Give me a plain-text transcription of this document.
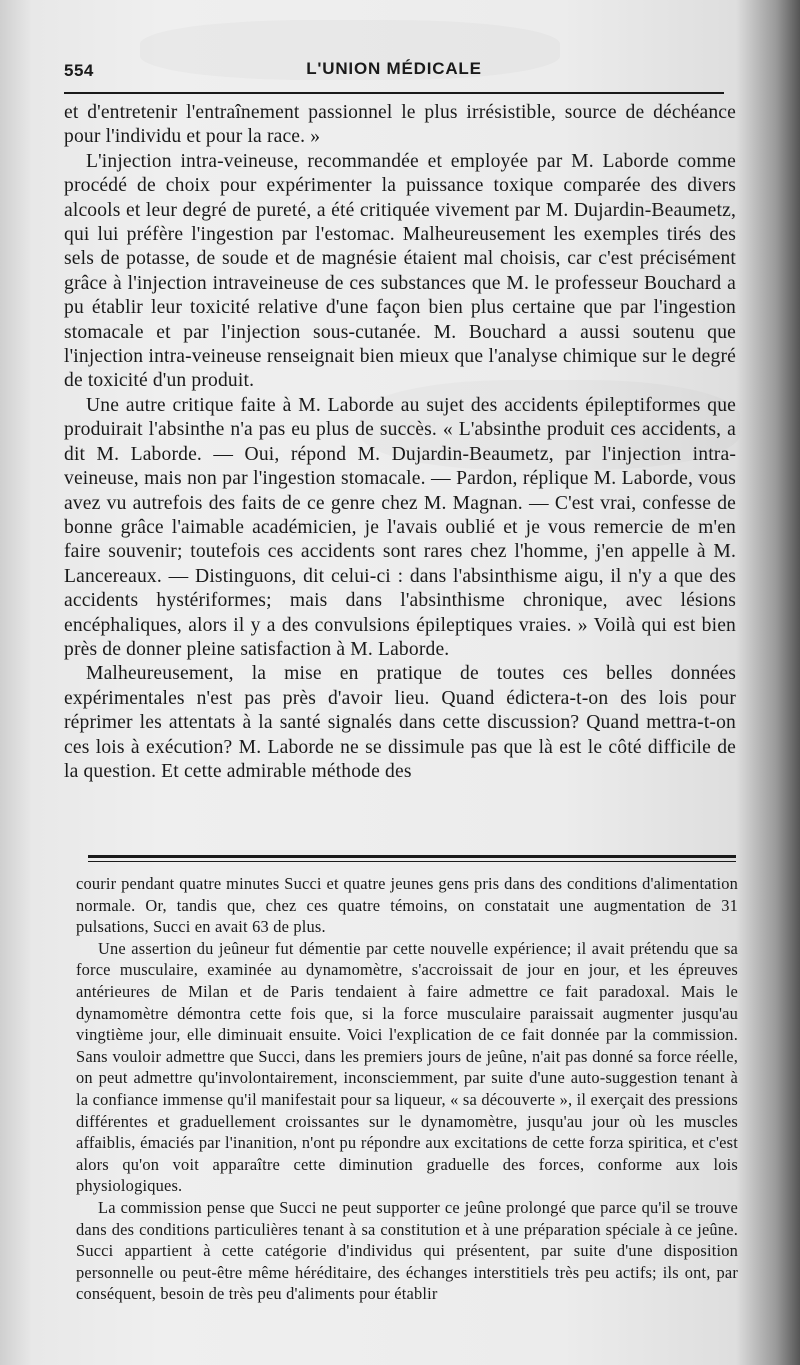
554	L'UNION MÉDICALE

et d'entretenir l'entraînement passionnel le plus irrésistible, source de déchéance pour l'individu et pour la race. »

L'injection intra-veineuse, recommandée et employée par M. Laborde comme procédé de choix pour expérimenter la puissance toxique comparée des divers alcools et leur degré de pureté, a été critiquée vivement par M. Dujardin-Beaumetz, qui lui préfère l'ingestion par l'estomac. Malheureusement les exemples tirés des sels de potasse, de soude et de magnésie étaient mal choisis, car c'est précisément grâce à l'injection intraveineuse de ces substances que M. le professeur Bouchard a pu établir leur toxicité relative d'une façon bien plus certaine que par l'ingestion stomacale et par l'injection sous-cutanée. M. Bouchard a aussi soutenu que l'injection intra-veineuse renseignait bien mieux que l'analyse chimique sur le degré de toxicité d'un produit.

Une autre critique faite à M. Laborde au sujet des accidents épileptiformes que produirait l'absinthe n'a pas eu plus de succès. « L'absinthe produit ces accidents, a dit M. Laborde. — Oui, répond M. Dujardin-Beaumetz, par l'injection intra-veineuse, mais non par l'ingestion stomacale. — Pardon, réplique M. Laborde, vous avez vu autrefois des faits de ce genre chez M. Magnan. — C'est vrai, confesse de bonne grâce l'aimable académicien, je l'avais oublié et je vous remercie de m'en faire souvenir; toutefois ces accidents sont rares chez l'homme, j'en appelle à M. Lancereaux. — Distinguons, dit celui-ci : dans l'absinthisme aigu, il n'y a que des accidents hystériformes; mais dans l'absinthisme chronique, avec lésions encéphaliques, alors il y a des convulsions épileptiques vraies. » Voilà qui est bien près de donner pleine satisfaction à M. Laborde.

Malheureusement, la mise en pratique de toutes ces belles données expérimentales n'est pas près d'avoir lieu. Quand édictera-t-on des lois pour réprimer les attentats à la santé signalés dans cette discussion? Quand mettra-t-on ces lois à exécution? M. Laborde ne se dissimule pas que là est le côté difficile de la question. Et cette admirable méthode des

courir pendant quatre minutes Succi et quatre jeunes gens pris dans des conditions d'alimentation normale. Or, tandis que, chez ces quatre témoins, on constatait une augmentation de 31 pulsations, Succi en avait 63 de plus.

Une assertion du jeûneur fut démentie par cette nouvelle expérience; il avait prétendu que sa force musculaire, examinée au dynamomètre, s'accroissait de jour en jour, et les épreuves antérieures de Milan et de Paris tendaient à faire admettre ce fait paradoxal. Mais le dynamomètre démontra cette fois que, si la force musculaire paraissait augmenter jusqu'au vingtième jour, elle diminuait ensuite. Voici l'explication de ce fait donnée par la commission. Sans vouloir admettre que Succi, dans les premiers jours de jeûne, n'ait pas donné sa force réelle, on peut admettre qu'involontairement, inconsciemment, par suite d'une auto-suggestion tenant à la confiance immense qu'il manifestait pour sa liqueur, « sa découverte », il exerçait des pressions différentes et graduellement croissantes sur le dynamomètre, jusqu'au jour où les muscles affaiblis, émaciés par l'inanition, n'ont pu répondre aux excitations de cette forza spiritica, et c'est alors qu'on voit apparaître cette diminution graduelle des forces, conforme aux lois physiologiques.

La commission pense que Succi ne peut supporter ce jeûne prolongé que parce qu'il se trouve dans des conditions particulières tenant à sa constitution et à une préparation spéciale à ce jeûne. Succi appartient à cette catégorie d'individus qui présentent, par suite d'une disposition personnelle ou peut-être même héréditaire, des échanges interstitiels très peu actifs; ils ont, par conséquent, besoin de très peu d'aliments pour établir
